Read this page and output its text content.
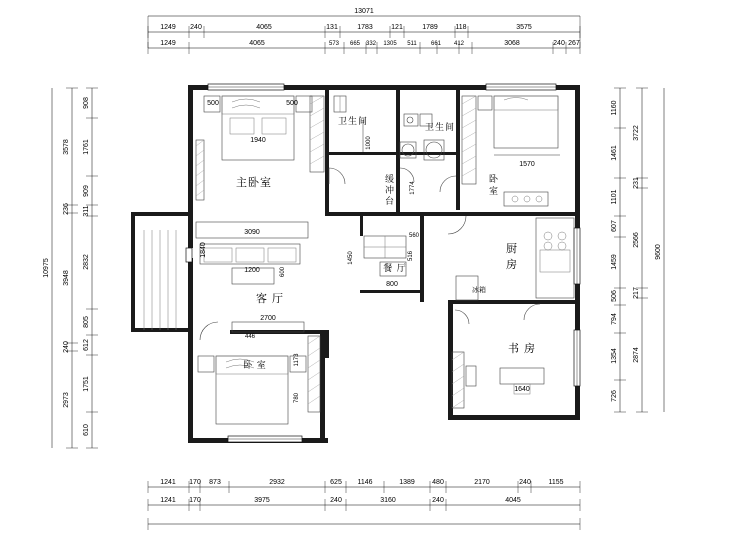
13071
1249 240	4065	131	1783	121	1789	118	3575
1249	4065	573 665 332 1305 511 661 412	3068	240 267
10975
3578
236
3948
240
2973
908
1761
909
311
2832
805
612
1751
610
1160
1461
1101
607
1459
506
794
1354
726
3722
231
2566
217
2874
9600
1241 170 873	2932	625 1146	1389 480	2170	240	1155
1241 170	3975	240	3160	240	4045
500	500
1940
主卧室
卫生间
1000
卫生间
1774
缓
冲
台
1570
卧
室
冰箱
厨
房
3090
1840
1200	600
客 厅
1450
560
516
800
餐 厅
1640
书 房
2700
446
1173
780
卧 室
